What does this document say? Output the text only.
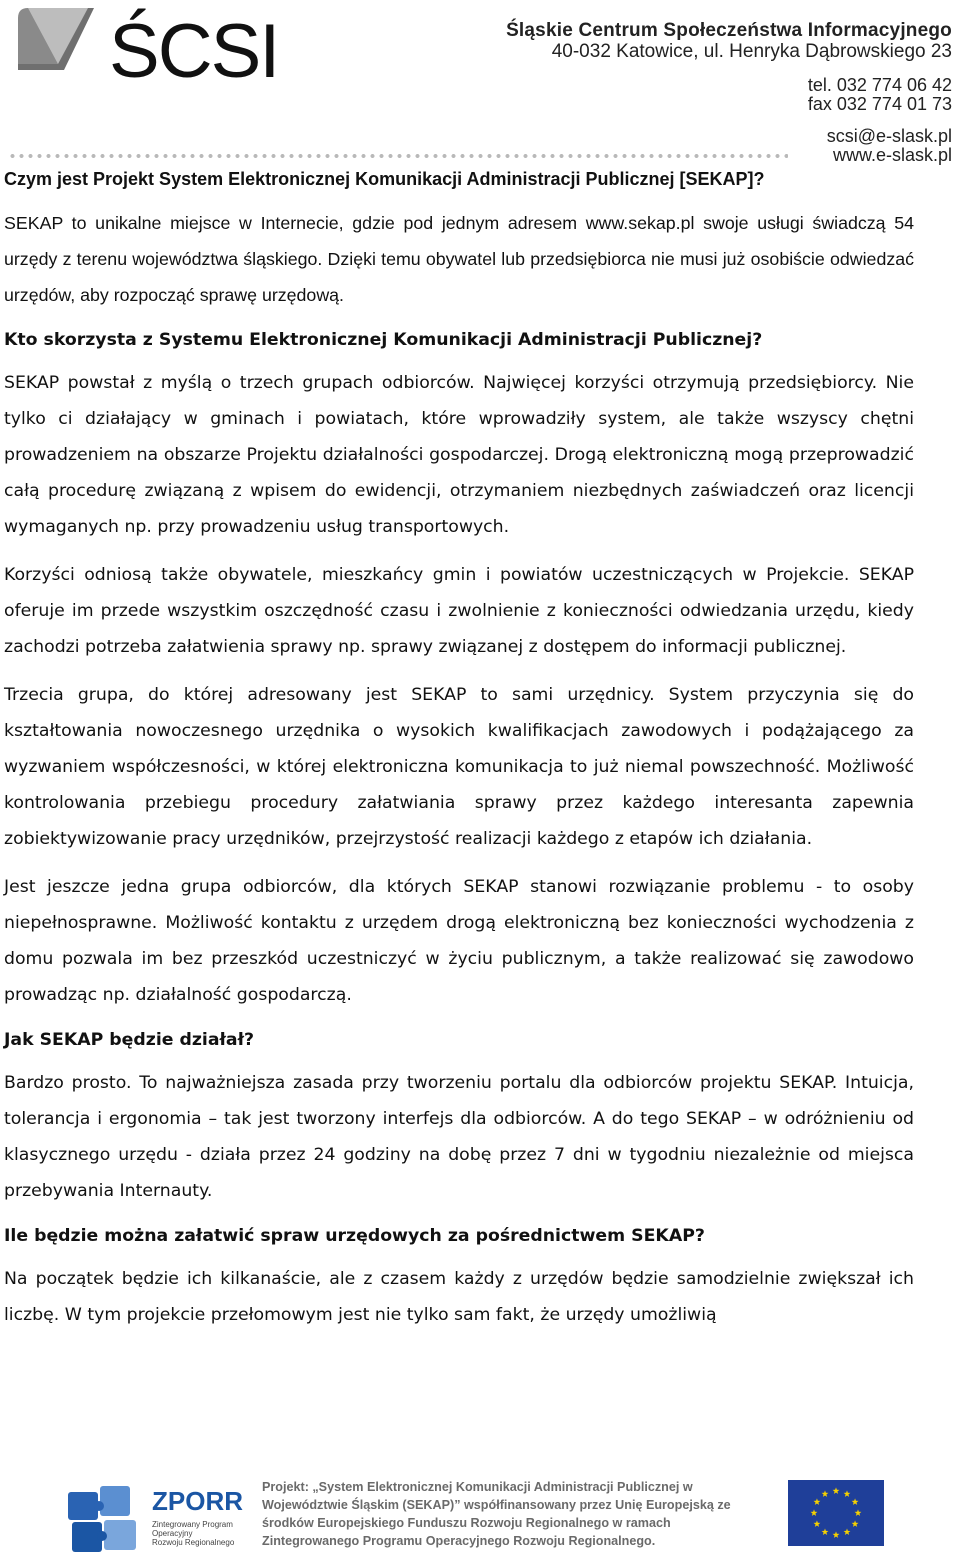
ŚCSI	Śląskie Centrum Społeczeństwa Informacyjnego
40-032 Katowice, ul. Henryka Dąbrowskiego 23
tel. 032 774 06 42
fax 032 774 01 73
scsi@e-slask.pl
www.e-slask.pl
Czym jest Projekt System Elektronicznej Komunikacji Administracji Publicznej [SEKAP]?

SEKAP to unikalne miejsce w Internecie, gdzie pod jednym adresem www.sekap.pl swoje usługi świadczą 54 urzędy z terenu województwa śląskiego. Dzięki temu obywatel lub przedsiębiorca nie musi już osobiście odwiedzać urzędów, aby rozpocząć sprawę urzędową.

Kto skorzysta z Systemu Elektronicznej Komunikacji Administracji Publicznej?

SEKAP powstał z myślą o trzech grupach odbiorców. Najwięcej korzyści otrzymują przedsiębiorcy. Nie tylko ci działający w gminach i powiatach, które wprowadziły system, ale także wszyscy chętni prowadzeniem na obszarze Projektu działalności gospodarczej. Drogą elektroniczną mogą przeprowadzić całą procedurę związaną z wpisem do ewidencji, otrzymaniem niezbędnych zaświadczeń oraz licencji wymaganych np. przy prowadzeniu usług transportowych.

Korzyści odniosą także obywatele, mieszkańcy gmin i powiatów uczestniczących w Projekcie. SEKAP oferuje im przede wszystkim oszczędność czasu i zwolnienie z konieczności odwiedzania urzędu, kiedy zachodzi potrzeba załatwienia sprawy np. sprawy związanej z dostępem do informacji publicznej.

Trzecia grupa, do której adresowany jest SEKAP to sami urzędnicy. System przyczynia się do kształtowania nowoczesnego urzędnika o wysokich kwalifikacjach zawodowych i podążającego za wyzwaniem współczesności, w której elektroniczna komunikacja to już niemal powszechność. Możliwość kontrolowania przebiegu procedury załatwiania sprawy przez każdego interesanta zapewnia zobiektywizowanie pracy urzędników, przejrzystość realizacji każdego z etapów ich działania.

Jest jeszcze jedna grupa odbiorców, dla których SEKAP stanowi rozwiązanie problemu - to osoby niepełnosprawne. Możliwość kontaktu z urzędem drogą elektroniczną bez konieczności wychodzenia z domu pozwala im bez przeszkód uczestniczyć w życiu publicznym, a także realizować się zawodowo prowadząc np. działalność gospodarczą.

Jak SEKAP będzie działał?

Bardzo prosto. To najważniejsza zasada przy tworzeniu portalu dla odbiorców projektu SEKAP. Intuicja, tolerancja i ergonomia – tak jest tworzony interfejs dla odbiorców. A do tego SEKAP – w odróżnieniu od klasycznego urzędu - działa przez 24 godziny na dobę przez 7 dni w tygodniu niezależnie od miejsca przebywania Internauty.

Ile będzie można załatwić spraw urzędowych za pośrednictwem SEKAP?

Na początek będzie ich kilkanaście, ale z czasem każdy z urzędów będzie samodzielnie zwiększał ich liczbę. W tym projekcie przełomowym jest nie tylko sam fakt, że urzędy umożliwią

ZPORR
Zintegrowany Program
Operacyjny
Rozwoju Regionalnego
Projekt: „System Elektronicznej Komunikacji Administracji Publicznej w Województwie Śląskim (SEKAP)” współfinansowany przez Unię Europejską ze środków Europejskiego Funduszu Rozwoju Regionalnego w ramach Zintegrowanego Programu Operacyjnego Rozwoju Regionalnego.
